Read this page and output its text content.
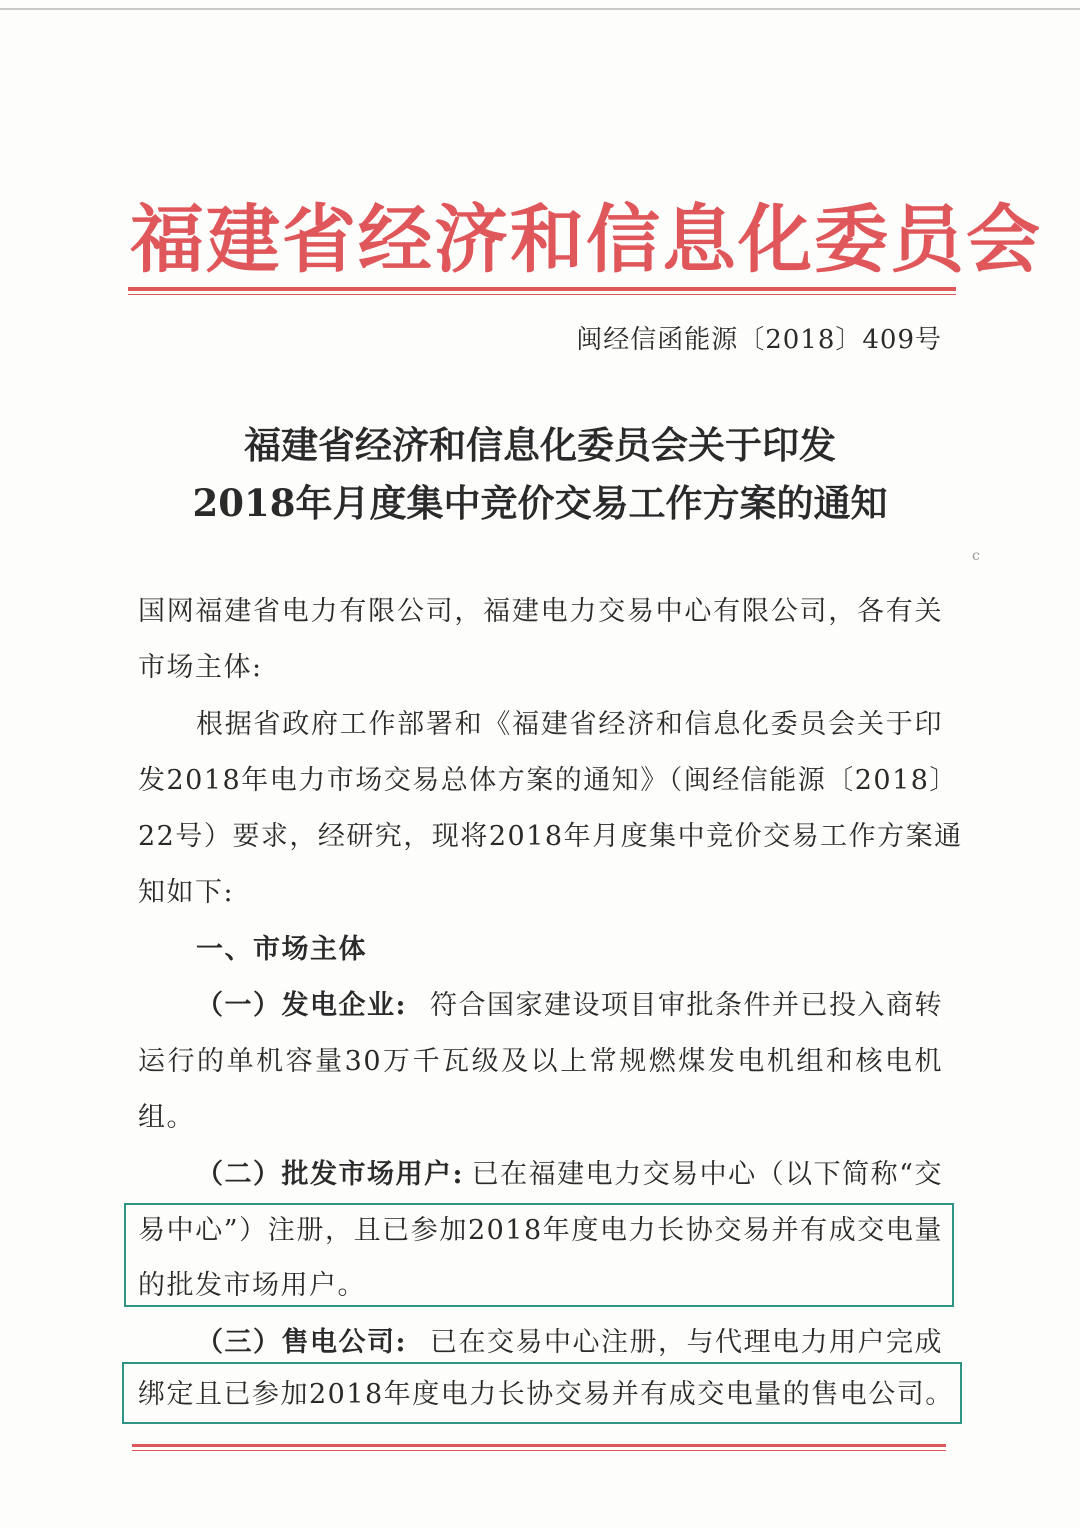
福建省经济和信息化委员会
闽经信函能源〔2018〕409号
福建省经济和信息化委员会关于印发
2018年月度集中竞价交易工作方案的通知
ⅽ
国网福建省电力有限公司，福建电力交易中心有限公司，各有关
市场主体:
根据省政府工作部署和《福建省经济和信息化委员会关于印
发2018年电力市场交易总体方案的通知》（闽经信能源〔2018〕
22号）要求，经研究，现将2018年月度集中竞价交易工作方案通
知如下:
一、市场主体
（一）发电企业: 符合国家建设项目审批条件并已投入商转
运行的单机容量30万千瓦级及以上常规燃煤发电机组和核电机
组。
（二）批发市场用户: 已在福建电力交易中心（以下简称“交
易中心”）注册，且已参加2018年度电力长协交易并有成交电量
的批发市场用户。
（三）售电公司: 已在交易中心注册，与代理电力用户完成
绑定且已参加2018年度电力长协交易并有成交电量的售电公司。
